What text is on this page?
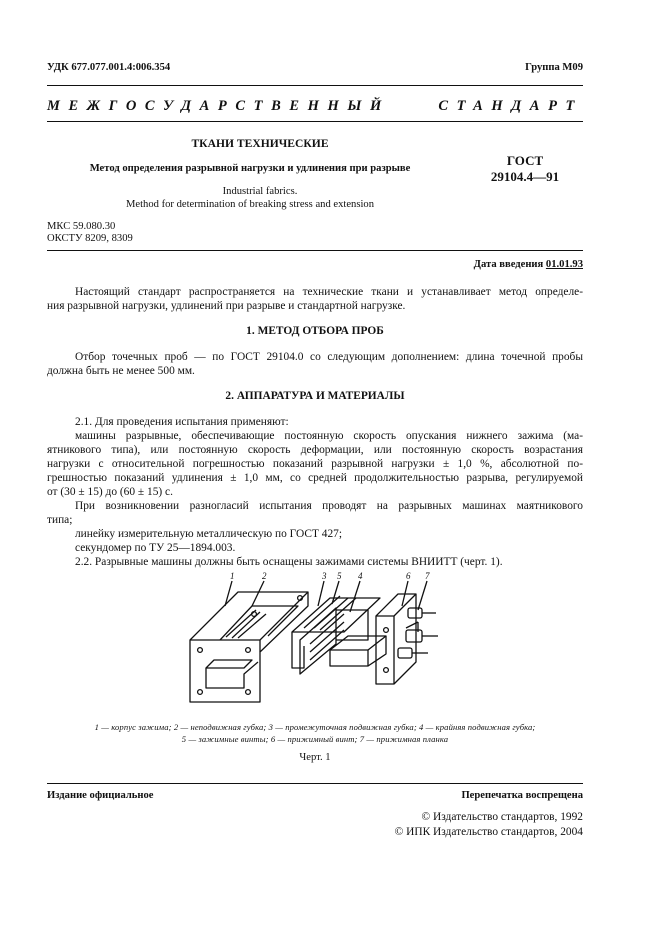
УДК 677.077.001.4:006.354	Группа М09
МЕЖГОСУДАРСТВЕННЫЙ СТАНДАРТ
ТКАНИ ТЕХНИЧЕСКИЕ
Метод определения разрывной нагрузки и удлинения при разрыве
Industrial fabrics.
Method for determination of breaking stress and extension
ГОСТ
29104.4—91
МКС 59.080.30
ОКСТУ 8209, 8309
Дата введения 01.01.93
Настоящий стандарт распространяется на технические ткани и устанавливает метод определе-
ния разрывной нагрузки, удлинений при разрыве и стандартной нагрузке.
1. МЕТОД ОТБОРА ПРОБ
Отбор точечных проб — по ГОСТ 29104.0 со следующим дополнением: длина точечной пробы
должна быть не менее 500 мм.
2. АППАРАТУРА И МАТЕРИАЛЫ
2.1. Для проведения испытания применяют:
машины разрывные, обеспечивающие постоянную скорость опускания нижнего зажима (ма-
ятникового типа), или постоянную скорость деформации, или постоянную скорость возрастания
нагрузки с относительной погрешностью показаний разрывной нагрузки ± 1,0 %, абсолютной по-
грешностью показаний удлинения ± 1,0 мм, со средней продолжительностью разрыва, регулируемой
от (30 ± 15) до (60 ± 15) с.
При возникновении разногласий испытания проводят на разрывных машинах маятникового
типа;
линейку измерительную металлическую по ГОСТ 427;
секундомер по ТУ 25—1894.003.
2.2. Разрывные машины должны быть оснащены зажимами системы ВНИИТТ (черт. 1).
1	2	3 5 4	6 7
1 — корпус зажима; 2 — неподвижная губка; 3 — промежуточная подвижная губка; 4 — крайняя подвижная губка;
5 — зажимные винты; 6 — прижимный винт; 7 — прижимная планка
Черт. 1
Издание официальное	Перепечатка воспрещена
© Издательство стандартов, 1992
© ИПК Издательство стандартов, 2004
